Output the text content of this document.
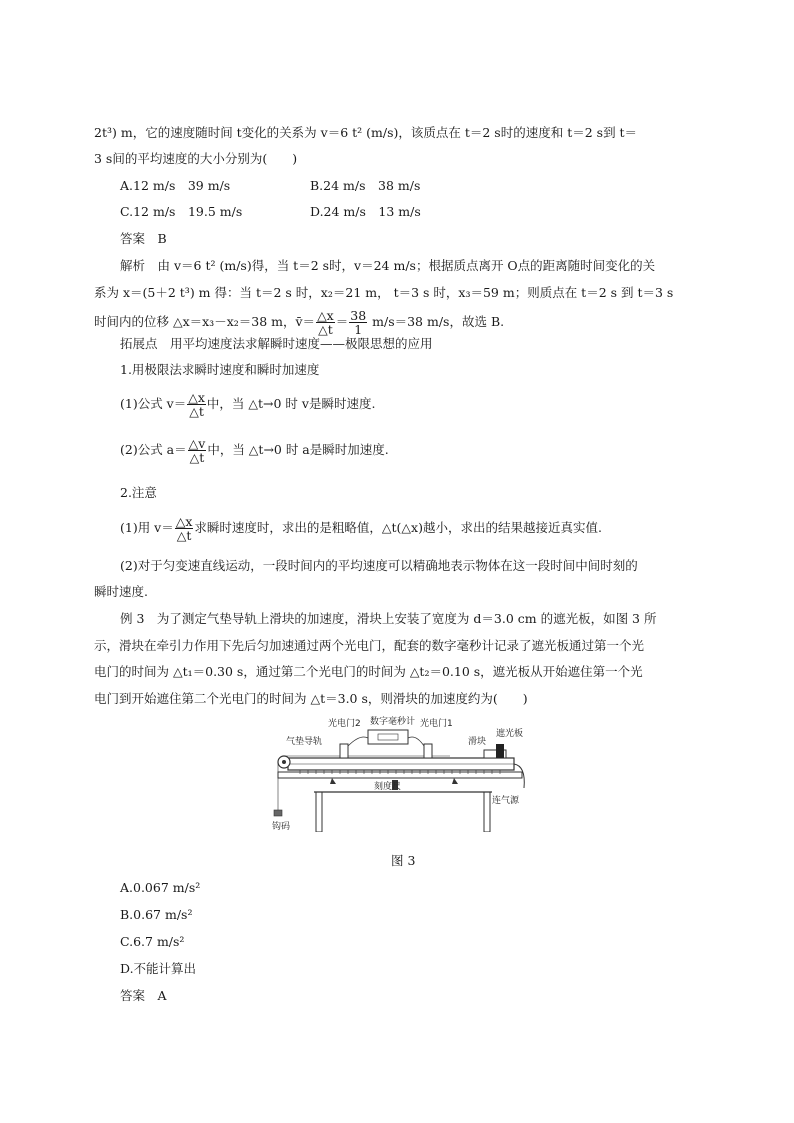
2t³) m，它的速度随时间 t变化的关系为 v＝6 t² (m/s)，该质点在 t＝2 s时的速度和 t＝2 s到 t＝
3 s间的平均速度的大小分别为(　　)
A.12 m/s　39 m/s	B.24 m/s　38 m/s
C.12 m/s　19.5 m/s	D.24 m/s　13 m/s
答案　B
解析　由 v＝6 t² (m/s)得，当 t＝2 s时，v＝24 m/s；根据质点离开 O点的距离随时间变化的关
系为 x＝(5＋2 t³) m 得：当 t＝2 s 时，x₂＝21 m， t＝3 s 时，x₃＝59 m；则质点在 t＝2 s 到 t＝3 s
时间内的位移 △x＝x₃－x₂＝38 m，v̄＝ $\frac{\triangle x}{\triangle t} = \frac{38}{1} m/s=38$ m/s，故选 B.
拓展点　用平均速度法求解瞬时速度——极限思想的应用
1.用极限法求瞬时速度和瞬时加速度
(1)公式 $v= \frac{\triangle x}{\triangle t}$ 中，当 △t→0 时 v是瞬时速度.
(2)公式 $a= \frac{\triangle v}{\triangle t}$ 中，当 △t→0 时 a是瞬时加速度.
2.注意
(1)用 $v= \frac{\triangle x}{\triangle t}$ 求瞬时速度时，求出的是粗略值，△t(△x)越小，求出的结果越接近真实值.
(2)对于匀变速直线运动，一段时间内的平均速度可以精确地表示物体在这一段时间中间时刻的
瞬时速度.
例 3　为了测定气垫导轨上滑块的加速度，滑块上安装了宽度为 d＝3.0 cm 的遮光板，如图 3 所
示，滑块在牵引力作用下先后匀加速通过两个光电门，配套的数字毫秒计记录了遮光板通过第一个光
电门的时间为 △t₁＝0.30 s，通过第二个光电门的时间为 △t₂＝0.10 s，遮光板从开始遮住第一个光
电门到开始遮住第二个光电门的时间为 △t＝3.0 s，则滑块的加速度约为(　　)
光电门2 数字毫秒计 光电门1
气垫导轨	滑块
遮光板
刻度尺
连气源
钩码
图 3
A.0.067 m/s²
B.0.67 m/s²
C.6.7 m/s²
D.不能计算出
答案　A
